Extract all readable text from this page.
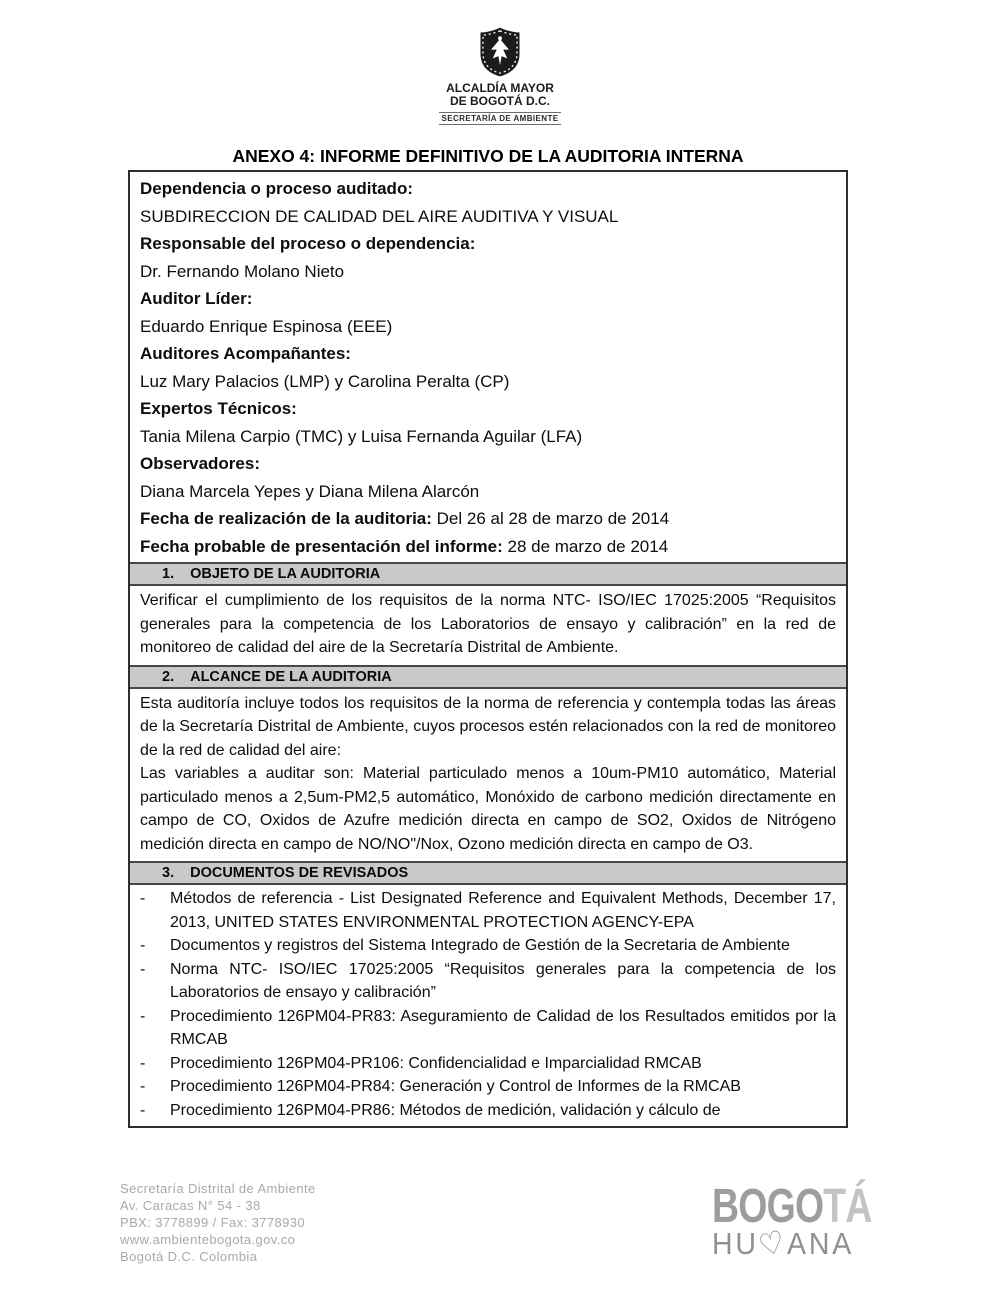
ALCALDÍA MAYOR
DE BOGOTÁ D.C.
SECRETARÍA DE AMBIENTE
ANEXO 4: INFORME DEFINITIVO DE LA AUDITORIA INTERNA
Dependencia o proceso auditado:
SUBDIRECCION DE CALIDAD DEL AIRE AUDITIVA Y VISUAL
Responsable del proceso o dependencia:
Dr. Fernando Molano Nieto
Auditor Líder:
Eduardo Enrique Espinosa (EEE)
Auditores Acompañantes:
Luz Mary Palacios (LMP) y Carolina Peralta (CP)
Expertos Técnicos:
Tania Milena Carpio (TMC) y Luisa Fernanda Aguilar (LFA)
Observadores:
Diana Marcela Yepes y Diana Milena Alarcón
Fecha de realización de la auditoria: Del 26 al 28 de marzo de 2014
Fecha probable de presentación del informe: 28 de marzo de 2014
1. OBJETO DE LA AUDITORIA

Verificar el cumplimiento de los requisitos de la norma NTC- ISO/IEC 17025:2005 “Requisitos generales para la competencia de los Laboratorios de ensayo y calibración” en la red de monitoreo de calidad del aire de la Secretaría Distrital de Ambiente.

2. ALCANCE DE LA AUDITORIA

Esta auditoría incluye todos los requisitos de la norma de referencia y contempla todas las áreas de la Secretaría Distrital de Ambiente, cuyos procesos estén relacionados con la red de monitoreo de la red de calidad del aire:

Las variables a auditar son: Material particulado menos a 10um-PM10 automático, Material particulado menos a 2,5um-PM2,5 automático, Monóxido de carbono medición directamente en campo de CO, Oxidos de Azufre medición directa en campo de SO2, Oxidos de Nitrógeno medición directa en campo de NO/NO"/Nox, Ozono medición directa en campo de O3.

3. DOCUMENTOS DE REVISADOS
-	Métodos de referencia - List Designated Reference and Equivalent Methods, December 17, 2013, UNITED STATES ENVIRONMENTAL PROTECTION AGENCY-EPA
-	Documentos y registros del Sistema Integrado de Gestión de la Secretaria de Ambiente
-	Norma NTC- ISO/IEC 17025:2005 “Requisitos generales para la competencia de los Laboratorios de ensayo y calibración”
-	Procedimiento 126PM04-PR83: Aseguramiento de Calidad de los Resultados emitidos por la RMCAB
-	Procedimiento 126PM04-PR106: Confidencialidad e Imparcialidad RMCAB
-	Procedimiento 126PM04-PR84: Generación y Control de Informes de la RMCAB
-	Procedimiento 126PM04-PR86: Métodos de medición, validación y cálculo de
Secretaría Distrital de Ambiente
Av. Caracas N° 54 - 38
PBX: 3778899 / Fax: 3778930
www.ambientebogota.gov.co
Bogotá D.C. Colombia
BOGOTÁ
HU♡ANA
